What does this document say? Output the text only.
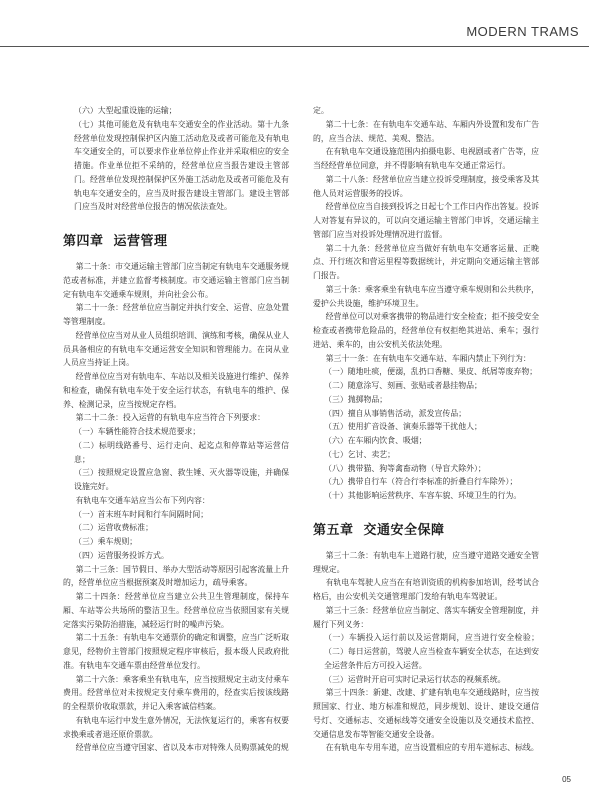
MODERN TRAMS

（六）大型起重设施的运输；

（七）其他可能危及有轨电车交通安全的作业活动。第十九条 经营单位发现控制保护区内施工活动危及或者可能危及有轨电车交通安全的，可以要求作业单位停止作业并采取相应的安全措施。作业单位拒不采纳的，经营单位应当报告建设主管部门。经营单位发现控制保护区外施工活动危及或者可能危及有轨电车交通安全的，应当及时报告建设主管部门。建设主管部门应当及时对经营单位报告的情况依法查处。

第四章 运营管理

第二十条：市交通运输主管部门应当制定有轨电车交通服务规范或者标准，并建立监督考核制度。市交通运输主管部门应当制定有轨电车交通乘车规则，并向社会公布。

第二十一条：经营单位应当制定并执行安全、运营、应急处置等管理制度。

经营单位应当对从业人员组织培训、演练和考核，确保从业人员具备相应的有轨电车交通运营安全知识和管理能力。在岗从业人员应当持证上岗。

经营单位应当对有轨电车、车站以及相关设施进行维护、保养和检查，确保有轨电车处于安全运行状态，有轨电车的维护、保养、检测记录，应当按规定存档。

第二十二条：投入运营的有轨电车应当符合下列要求：

（一）车辆性能符合技术规范要求；

（二）标明线路番号、运行走向、起迄点和停靠站等运营信息；

（三）按照规定设置应急窗、救生锤、灭火器等设施，并确保设施完好。

有轨电车交通车站应当公布下列内容：

（一）首末班车时间和行车间隔时间；

（二）运营收费标准；

（三）乘车规则；

（四）运营服务投诉方式。

第二十三条：国节假日、举办大型活动等原因引起客流量上升的，经营单位应当根据预案及时增加运力，疏导乘客。

第二十四条：经营单位应当建立公共卫生管理制度，保持车厢、车站等公共场所的整洁卫生。经营单位应当依照国家有关规定落实污染防治措施，减轻运行时的噪声污染。

第二十五条：有轨电车交通票价的确定和调整，应当广泛听取意见，经物价主管部门按照规定程序审核后，报本级人民政府批准。有轨电车交通车票由经营单位发行。

第二十六条：乘客乘坐有轨电车，应当按照规定主动支付乘车费用。经营单位对未按规定支付乘车费用的，经查实后按该线路的全程票价收取票款，并记入乘客诚信档案。

有轨电车运行中发生意外情况，无法恢复运行的，乘客有权要求换乘或者退还原价票款。

经营单位应当遵守国家、省以及本市对特殊人员购票减免的规

定。

第二十七条：在有轨电车交通车站、车厢内外设置和发布广告的，应当合法、规范、美观、整洁。

在有轨电车交通设施范围内拍摄电影、电视剧或者广告等，应当经经营单位同意，并不得影响有轨电车交通正常运行。

第二十八条：经营单位应当建立投诉受理制度，接受乘客及其他人员对运营服务的投诉。

经营单位应当自接到投诉之日起七个工作日内作出答复。投诉人对答复有异议的，可以向交通运输主管部门申诉，交通运输主管部门应当对投诉处理情况进行监督。

第二十九条：经营单位应当做好有轨电车交通客运量、正晚点、开行班次和营运里程等数据统计，并定期向交通运输主管部门报告。

第三十条：乘客乘坐有轨电车应当遵守乘车规则和公共秩序，爱护公共设施，维护环境卫生。

经营单位可以对乘客携带的物品进行安全检查；拒不接受安全检查或者携带危险品的，经营单位有权拒绝其进站、乘车；强行进站、乘车的，由公安机关依法处理。

第三十一条：在有轨电车交通车站、车厢内禁止下列行为：

（一）随地吐痰，便溺，乱扔口香糖、果皮、纸屑等废弃物；

（二）随意涂写、刻画、张贴或者悬挂物品；

（三）抛掷物品；

（四）擅自从事销售活动，派发宣传品；

（五）使用扩音设备、演奏乐器等干扰他人；

（六）在车厢内饮食、吸烟；

（七）乞讨、卖艺；

（八）携带猫、狗等禽畜动物（导盲犬除外）；

（九）携带自行车（符合行李标准的折叠自行车除外）；

（十）其他影响运营秩序、车容车貌、环境卫生的行为。

第五章 交通安全保障

第三十二条：有轨电车上道路行驶，应当遵守道路交通安全管理规定。

有轨电车驾驶人应当在有培训资质的机构参加培训，经考试合格后，由公安机关交通管理部门发给有轨电车驾驶证。

第三十三条：经营单位应当制定、落实车辆安全管理制度，并履行下列义务：

（一）车辆投入运行前以及运营期间，应当进行安全检验；（二）每日运营前，驾驶人应当检查车辆安全状态，在达到安全运营条件后方可投入运营。

（三）运营时开启可实时记录运行状态的视频系统。

第三十四条：新建、改建、扩建有轨电车交通线路时，应当按照国家、行业、地方标准和规范，同步规划、设计、建设交通信号灯、交通标志、交通标线等交通安全设施以及交通技术监控、交通信息发布等智能交通安全设备。

在有轨电车专用车道，应当设置相应的专用车道标志、标线。

05
